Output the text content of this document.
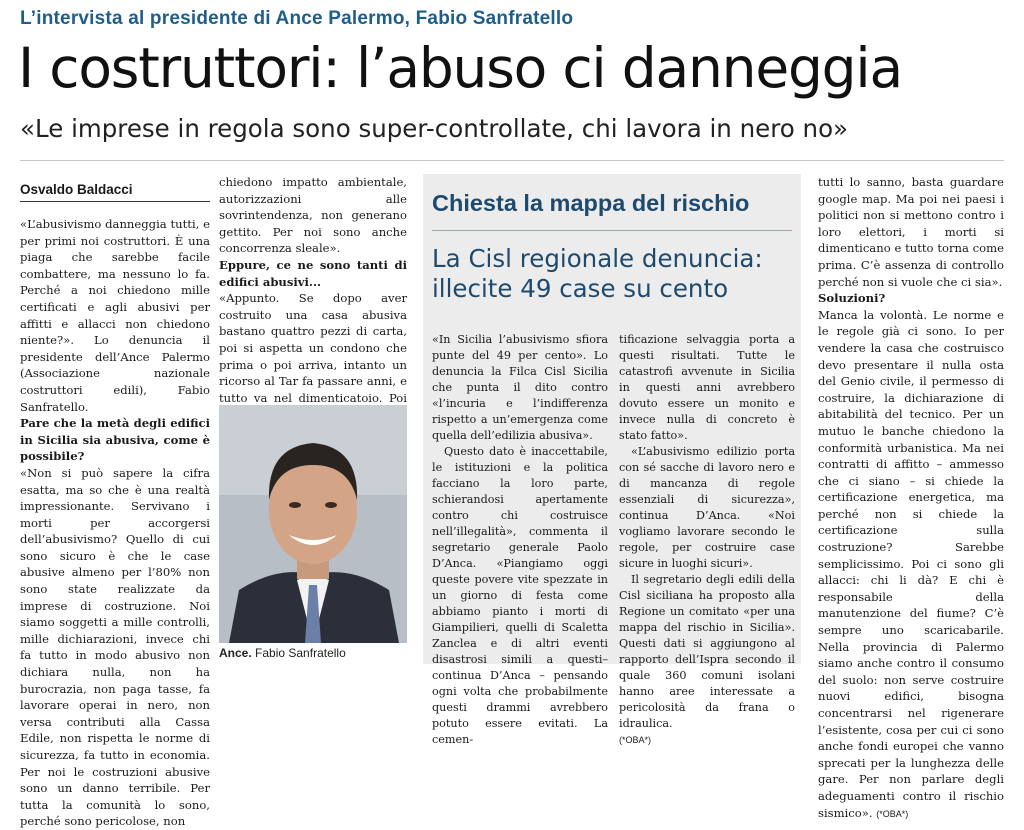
L’intervista al presidente di Ance Palermo, Fabio Sanfratello
I costruttori: l’abuso ci danneggia
«Le imprese in regola sono super-controllate, chi lavora in nero no»
Osvaldo Baldacci

«L’abusivismo danneggia tutti, e per primi noi costruttori. È una piaga che sarebbe facile combattere, ma nessuno lo fa. Perché a noi chiedono mille certificati e agli abusivi per affitti e allacci non chiedono niente?». Lo denuncia il presidente dell’Ance Palermo (Associazione nazionale costruttori edili), Fabio Sanfratello.

Pare che la metà degli edifici in Sicilia sia abusiva, come è possibile?

«Non si può sapere la cifra esatta, ma so che è una realtà impressionante. Servivano i morti per accorgersi dell’abusivismo? Quello di cui sono sicuro è che le case abusive almeno per l’80% non sono state realizzate da imprese di costruzione. Noi siamo soggetti a mille controlli, mille dichiarazioni, invece chi fa tutto in modo abusivo non dichiara nulla, non ha burocrazia, non paga tasse, fa lavorare operai in nero, non versa contributi alla Cassa Edile, non rispetta le norme di sicurezza, fa tutto in economia. Per noi le costruzioni abusive sono un danno terribile. Per tutta la comunità lo sono, perché sono pericolose, non

chiedono impatto ambientale, autorizzazioni alle sovrintendenza, non generano gettito. Per noi sono anche concorrenza sleale».

Eppure, ce ne sono tanti di edifici abusivi...

«Appunto. Se dopo aver costruito una casa abusiva bastano quattro pezzi di carta, poi si aspetta un condono che prima o poi arriva, intanto un ricorso al Tar fa passare anni, e tutto va nel dimenticatoio. Poi

Ance. Fabio Sanfratello
Chiesta la mappa del rischio
La Cisl regionale denuncia: illecite 49 case su cento

«In Sicilia l’abusivismo sfiora punte del 49 per cento». Lo denuncia la Filca Cisl Sicilia che punta il dito contro «l’incuria e l’indifferenza rispetto a un’emergenza come quella dell’edilizia abusiva».

Questo dato è inaccettabile, le istituzioni e la politica facciano la loro parte, schierandosi apertamente contro chi costruisce nell’illegalità», commenta il segretario generale Paolo D’Anca. «Piangiamo oggi queste povere vite spezzate in un giorno di festa come abbiamo pianto i morti di Giampilieri, quelli di Scaletta Zanclea e di altri eventi disastrosi simili a questi– continua D’Anca – pensando ogni volta che probabilmente questi drammi avrebbero potuto essere evitati. La cemen-

tificazione selvaggia porta a questi risultati. Tutte le catastrofi avvenute in Sicilia in questi anni avrebbero dovuto essere un monito e invece nulla di concreto è stato fatto».

«L’abusivismo edilizio porta con sé sacche di lavoro nero e di mancanza di regole essenziali di sicurezza», continua D’Anca. «Noi vogliamo lavorare secondo le regole, per costruire case sicure in luoghi sicuri».

Il segretario degli edili della Cisl siciliana ha proposto alla Regione un comitato «per una mappa del rischio in Sicilia». Questi dati si aggiungono al rapporto dell’Ispra secondo il quale 360 comuni isolani hanno aree interessate a pericolosità da frana o idraulica.

(*OBA*)

tutti lo sanno, basta guardare google map. Ma poi nei paesi i politici non si mettono contro i loro elettori, i morti si dimenticano e tutto torna come prima. C’è assenza di controllo perché non si vuole che ci sia».

Soluzioni?

Manca la volontà. Le norme e le regole già ci sono. Io per vendere la casa che costruisco devo presentare il nulla osta del Genio civile, il permesso di costruire, la dichiarazione di abitabilità del tecnico. Per un mutuo le banche chiedono la conformità urbanistica. Ma nei contratti di affitto – ammesso che ci siano – si chiede la certificazione energetica, ma perché non si chiede la certificazione sulla costruzione? Sarebbe semplicissimo. Poi ci sono gli allacci: chi li dà? E chi è responsabile della manutenzione del fiume? C’è sempre uno scaricabarile. Nella provincia di Palermo siamo anche contro il consumo del suolo: non serve costruire nuovi edifici, bisogna concentrarsi nel rigenerare l’esistente, cosa per cui ci sono anche fondi europei che vanno sprecati per la lunghezza delle gare. Per non parlare degli adeguamenti contro il rischio sismico». (*OBA*)
